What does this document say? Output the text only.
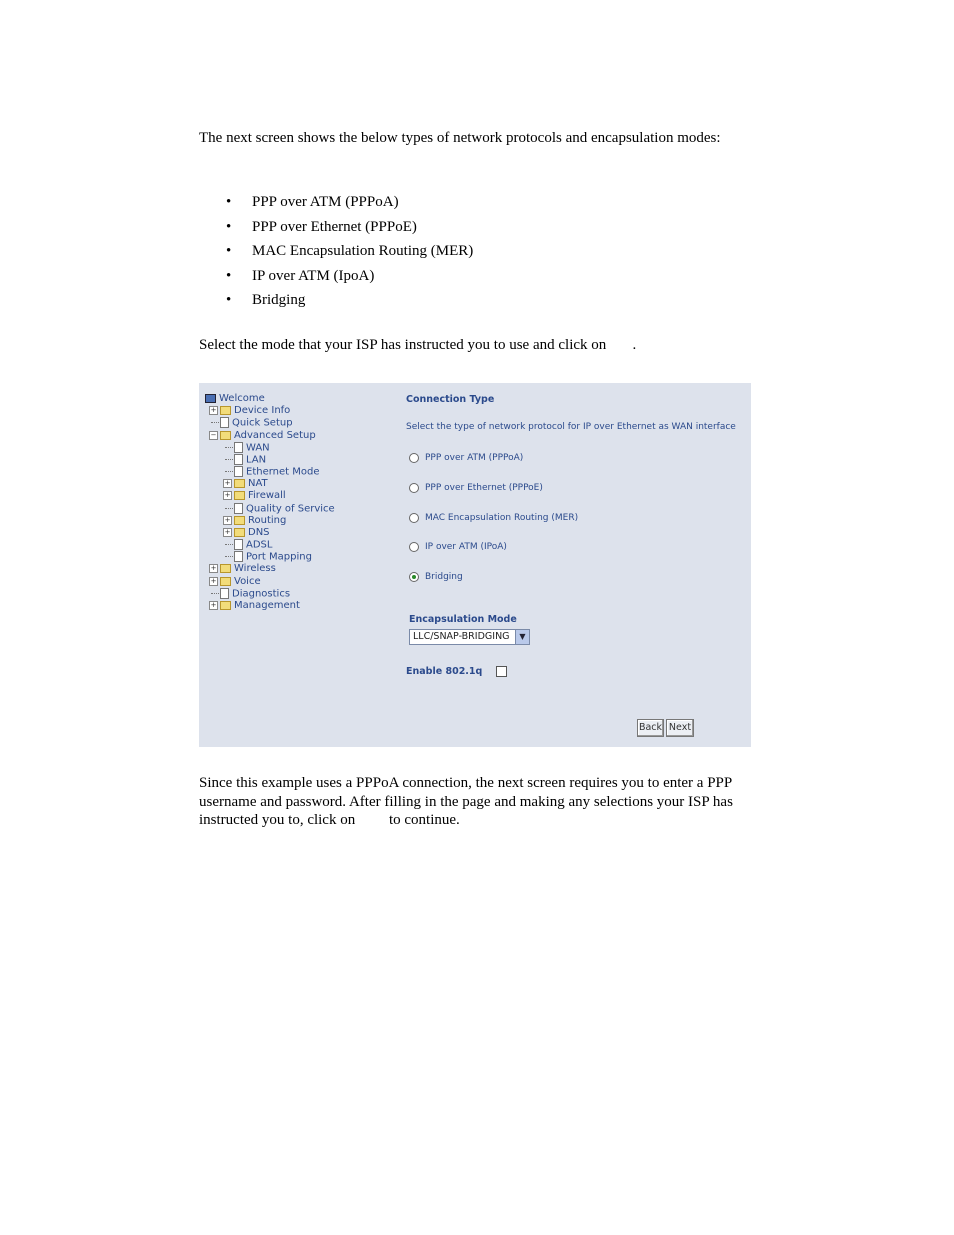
The next screen shows the below types of network protocols and encapsulation modes:

• PPP over ATM (PPPoA)
• PPP over Ethernet (PPPoE)
• MAC Encapsulation Routing (MER)
• IP over ATM (IpoA)
• Bridging

Select the mode that your ISP has instructed you to use and click on       .

Welcome
+ Device Info
Quick Setup
− Advanced Setup
WAN
LAN
Ethernet Mode
+ NAT
+ Firewall
Quality of Service
+ Routing
+ DNS
ADSL
Port Mapping
+ Wireless
+ Voice
Diagnostics
+ Management
Connection Type
Select the type of network protocol for IP over Ethernet as WAN interface
PPP over ATM (PPPoA)
PPP over Ethernet (PPPoE)
MAC Encapsulation Routing (MER)
IP over ATM (IPoA)
Bridging
Encapsulation Mode
LLC/SNAP-BRIDGING	▼
Enable 802.1q
Back Next

Since this example uses a PPPoA connection, the next screen requires you to enter a PPP username and password. After filling in the page and making any selections your ISP has instructed you to, click on         to continue.
